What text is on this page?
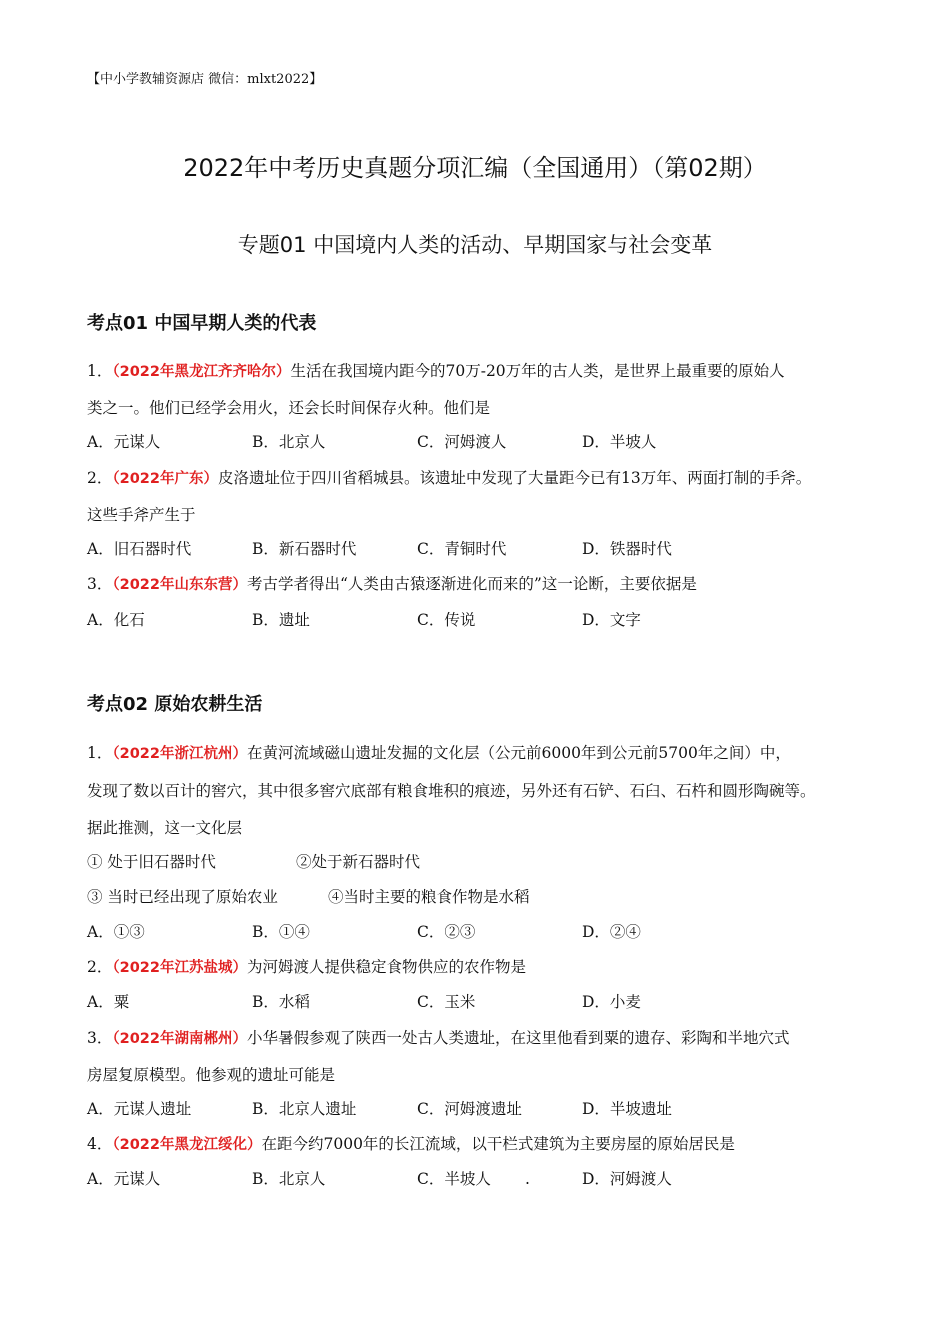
【中小学教辅资源店 微信：mlxt2022】
2022年中考历史真题分项汇编（全国通用）（第02期）
专题01 中国境内人类的活动、早期国家与社会变革
考点01 中国早期人类的代表
1．（2022年黑龙江齐齐哈尔）生活在我国境内距今的70万-20万年的古人类，是世界上最重要的原始人
类之一。他们已经学会用火，还会长时间保存火种。他们是
A．元谋人	B．北京人	C．河姆渡人	D．半坡人
2．（2022年广东）皮洛遗址位于四川省稻城县。该遗址中发现了大量距今已有13万年、两面打制的手斧。
这些手斧产生于
A．旧石器时代	B．新石器时代	C．青铜时代	D．铁器时代
3．（2022年山东东营）考古学者得出“人类由古猿逐渐进化而来的”这一论断，主要依据是
A．化石	B．遗址	C．传说	D．文字
考点02 原始农耕生活
1．（2022年浙江杭州）在黄河流域磁山遗址发掘的文化层（公元前6000年到公元前5700年之间）中，
发现了数以百计的窖穴，其中很多窖穴底部有粮食堆积的痕迹，另外还有石铲、石臼、石杵和圆形陶碗等。
据此推测，这一文化层
① 处于旧石器时代	②处于新石器时代
③ 当时已经出现了原始农业	④当时主要的粮食作物是水稻
A．①③	B．①④	C．②③	D．②④
2．（2022年江苏盐城）为河姆渡人提供稳定食物供应的农作物是
A．粟	B．水稻	C．玉米	D．小麦
3．（2022年湖南郴州）小华暑假参观了陕西一处古人类遗址，在这里他看到粟的遗存、彩陶和半地穴式
房屋复原模型。他参观的遗址可能是
A．元谋人遗址	B．北京人遗址	C．河姆渡遗址	D．半坡遗址
4．（2022年黑龙江绥化）在距今约7000年的长江流域，以干栏式建筑为主要房屋的原始居民是
A．元谋人	B．北京人	C．半坡人 .	D．河姆渡人
